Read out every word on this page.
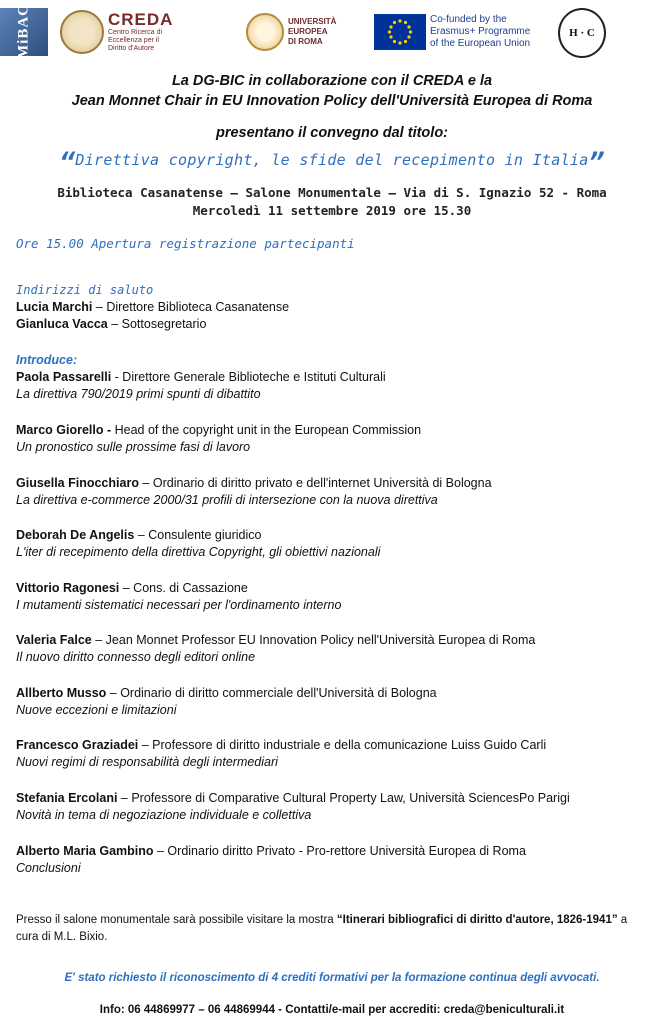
MiBAC	CREDA
Centro Ricerca di
Eccellenza per il
Diritto d'Autore
UNIVERSITÀ
EUROPEA
DI ROMA
Co-funded by the
Erasmus+ Programme
of the European Union
H · C
La DG-BIC in collaborazione con il CREDA e la
Jean Monnet Chair in EU Innovation Policy dell'Università Europea di Roma
presentano il convegno dal titolo:
“Direttiva copyright, le sfide del recepimento in Italia”
Biblioteca Casanatense – Salone Monumentale – Via di S. Ignazio 52 - Roma
Mercoledì 11 settembre 2019 ore 15.30
Ore 15.00 Apertura registrazione partecipanti
Indirizzi di saluto
Lucia Marchi – Direttore Biblioteca Casanatense
Gianluca Vacca – Sottosegretario
Introduce:
Paola Passarelli - Direttore Generale Biblioteche e Istituti Culturali
La direttiva 790/2019 primi spunti di dibattito
Marco Giorello - Head of the copyright unit in the European Commission
Un pronostico sulle prossime fasi di lavoro
Giusella Finocchiaro – Ordinario di diritto privato e dell'internet Università di Bologna
La direttiva e-commerce 2000/31 profili di intersezione con la nuova direttiva
Deborah De Angelis – Consulente giuridico
L'iter di recepimento della direttiva Copyright, gli obiettivi nazionali
Vittorio Ragonesi – Cons. di Cassazione
I mutamenti sistematici necessari per l'ordinamento interno
Valeria Falce – Jean Monnet Professor EU Innovation Policy nell'Università Europea di Roma
Il nuovo diritto connesso degli editori online
Allberto Musso – Ordinario di diritto commerciale dell'Università di Bologna
Nuove eccezioni e limitazioni
Francesco Graziadei – Professore di diritto industriale e della comunicazione Luiss Guido Carli
Nuovi regimi di responsabilità degli intermediari
Stefania Ercolani – Professore di Comparative Cultural Property Law, Università SciencesPo Parigi
Novità in tema di negoziazione individuale e collettiva
Alberto Maria Gambino – Ordinario diritto Privato - Pro-rettore Università Europea di Roma
Conclusioni
Presso il salone monumentale sarà possibile visitare la mostra “Itinerari bibliografici di diritto d'autore, 1826-1941” a cura di M.L. Bixio.
E' stato richiesto il riconoscimento di 4 crediti formativi per la formazione continua degli avvocati.
Info: 06 44869977 – 06 44869944 - Contatti/e-mail per accrediti: creda@beniculturali.it
